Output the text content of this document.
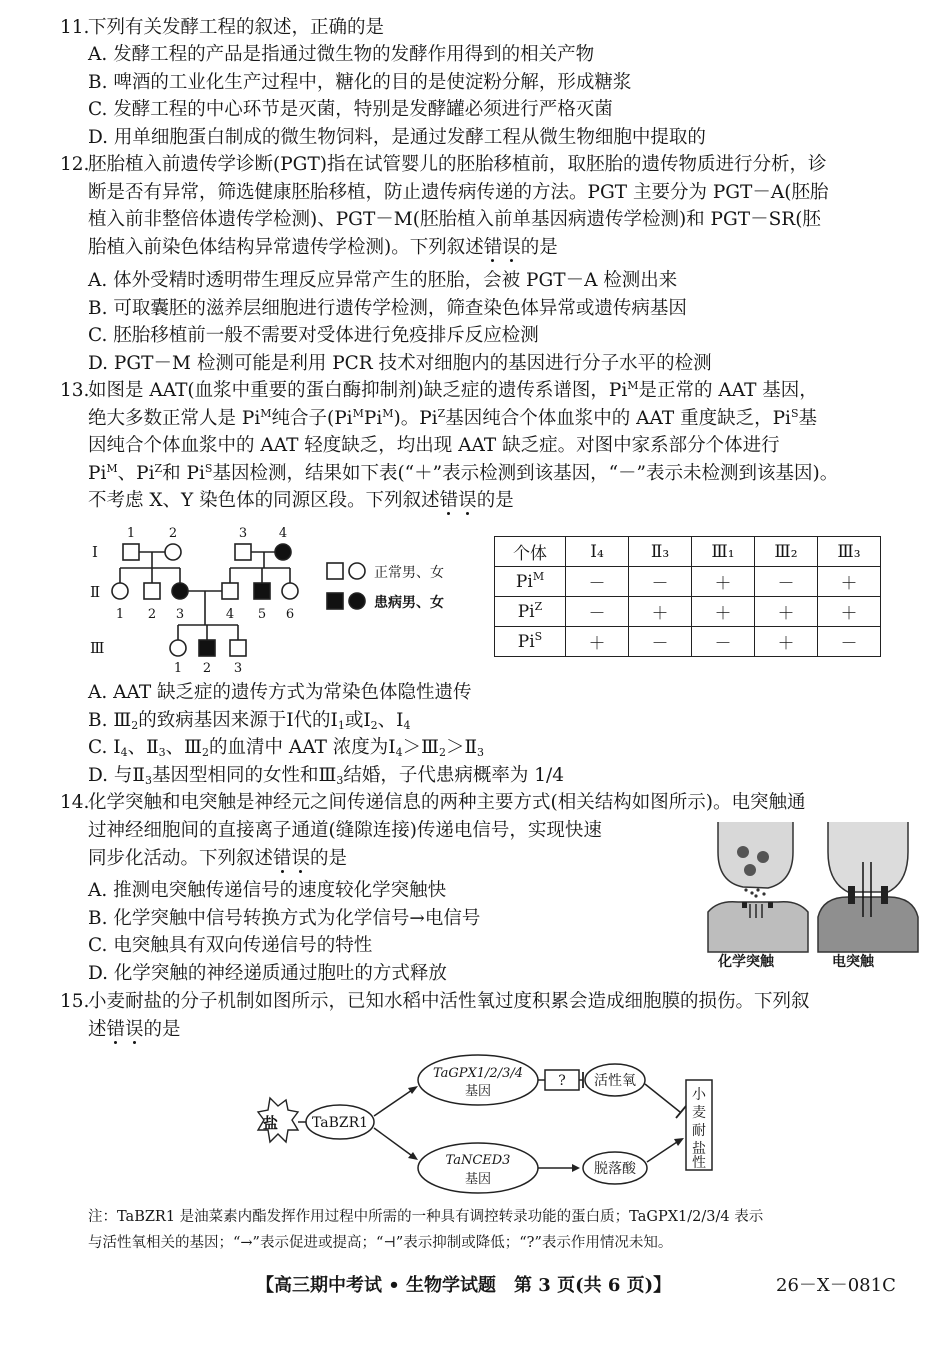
11.
下列有关发酵工程的叙述，正确的是
A. 发酵工程的产品是指通过微生物的发酵作用得到的相关产物
B. 啤酒的工业化生产过程中，糖化的目的是使淀粉分解，形成糖浆
C. 发酵工程的中心环节是灭菌，特别是发酵罐必须进行严格灭菌
D. 用单细胞蛋白制成的微生物饲料，是通过发酵工程从微生物细胞中提取的
12.
胚胎植入前遗传学诊断(PGT)指在试管婴儿的胚胎移植前，取胚胎的遗传物质进行分析，诊
断是否有异常，筛选健康胚胎移植，防止遗传病传递的方法。PGT 主要分为 PGT－A(胚胎
植入前非整倍体遗传学检测)、PGT－M(胚胎植入前单基因病遗传学检测)和 PGT－SR(胚
胎植入前染色体结构异常遗传学检测)。下列叙述错误的是
A. 体外受精时透明带生理反应异常产生的胚胎，会被 PGT－A 检测出来
B. 可取囊胚的滋养层细胞进行遗传学检测，筛查染色体异常或遗传病基因
C. 胚胎移植前一般不需要对受体进行免疫排斥反应检测
D. PGT－M 检测可能是利用 PCR 技术对细胞内的基因进行分子水平的检测
13.
如图是 AAT(血浆中重要的蛋白酶抑制剂)缺乏症的遗传系谱图，$Pi^M$是正常的 AAT 基因，
绝大多数正常人是 $Pi^M$纯合子$(Pi^MPi^M)$。$Pi^Z$基因纯合个体血浆中的 AAT 重度缺乏，$Pi^S$基
因纯合个体血浆中的 AAT 轻度缺乏，均出现 AAT 缺乏症。对图中家系部分个体进行
$Pi^M$、$Pi^Z$和 $Pi^S$基因检测，结果如下表(“＋”表示检测到该基因，“－”表示未检测到该基因)。
不考虑 X、Y 染色体的同源区段。下列叙述错误的是
Ⅰ
Ⅱ
Ⅲ
1	2	3 4
1 2 3	4 5 6
1 2 3
正常男、女
患病男、女
个体	Ⅰ₄	Ⅱ₃	Ⅲ₁	Ⅲ₂	Ⅲ₃
$Pi^M$	－	－	＋	－	＋
$Pi^Z$	－	＋	＋	＋	＋
$Pi^S$	＋	－	－	＋	－
A. AAT 缺乏症的遗传方式为常染色体隐性遗传
B. Ⅲ2的致病基因来源于Ⅰ代的Ⅰ1或Ⅰ2、Ⅰ4
C. Ⅰ4、Ⅱ3、Ⅲ2的血清中 AAT 浓度为Ⅰ4＞Ⅲ2＞Ⅱ3
D. 与Ⅱ3基因型相同的女性和Ⅲ3结婚，子代患病概率为 1/4
14.
化学突触和电突触是神经元之间传递信息的两种主要方式(相关结构如图所示)。电突触通
过神经细胞间的直接离子通道(缝隙连接)传递电信号，实现快速
同步化活动。下列叙述错误的是
A. 推测电突触传递信号的速度较化学突触快
B. 化学突触中信号转换方式为化学信号→电信号
C. 电突触具有双向传递信号的特性
D. 化学突触的神经递质通过胞吐的方式释放
化学突触	电突触
15.
小麦耐盐的分子机制如图所示，已知水稻中活性氧过度积累会造成细胞膜的损伤。下列叙
述错误的是
盐 TaBZR1
TaGPX1/2/3/4
基因
? 活性氧
TaNCED3
基因
脱落酸
小
麦
耐
盐
性
注：TaBZR1 是油菜素内酯发挥作用过程中所需的一种具有调控转录功能的蛋白质；TaGPX1/2/3/4 表示
与活性氧相关的基因；“→”表示促进或提高；“⊣”表示抑制或降低；“?”表示作用情况未知。
【高三期中考试 • 生物学试题　第 3 页(共 6 页)】	26－X－081C
